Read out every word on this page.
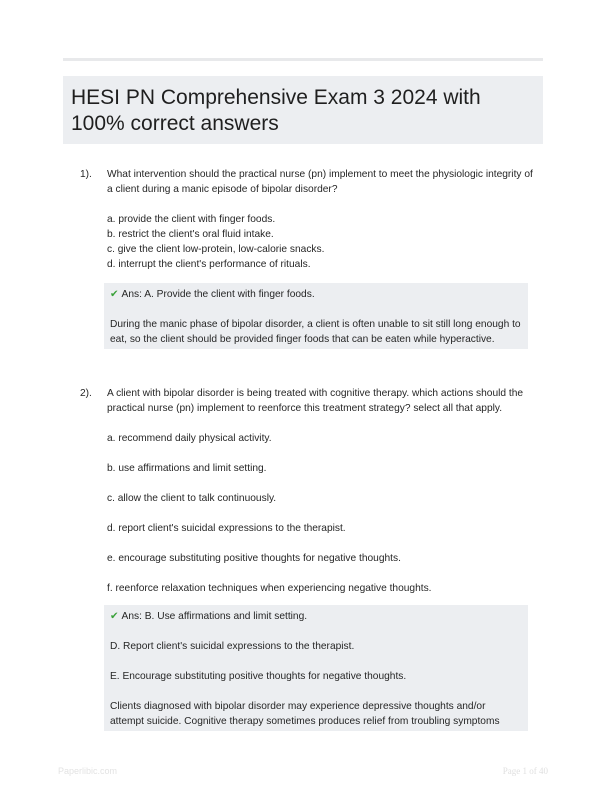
HESI PN Comprehensive Exam 3 2024 with 100% correct answers
1).	What intervention should the practical nurse (pn) implement to meet the physiologic integrity of a client during a manic episode of bipolar disorder?

a. provide the client with finger foods.
b. restrict the client's oral fluid intake.
c. give the client low-protein, low-calorie snacks.
d. interrupt the client's performance of rituals.

✔ Ans: A. Provide the client with finger foods.

During the manic phase of bipolar disorder, a client is often unable to sit still long enough to eat, so the client should be provided finger foods that can be eaten while hyperactive.

2).	A client with bipolar disorder is being treated with cognitive therapy. which actions should the practical nurse (pn) implement to reenforce this treatment strategy? select all that apply.

a. recommend daily physical activity.
b. use affirmations and limit setting.
c. allow the client to talk continuously.
d. report client's suicidal expressions to the therapist.
e. encourage substituting positive thoughts for negative thoughts.
f. reenforce relaxation techniques when experiencing negative thoughts.

✔ Ans: B. Use affirmations and limit setting.

D. Report client's suicidal expressions to the therapist.

E. Encourage substituting positive thoughts for negative thoughts.

Clients diagnosed with bipolar disorder may experience depressive thoughts and/or attempt suicide. Cognitive therapy sometimes produces relief from troubling symptoms

Paperlibic.com	Page 1 of 40
